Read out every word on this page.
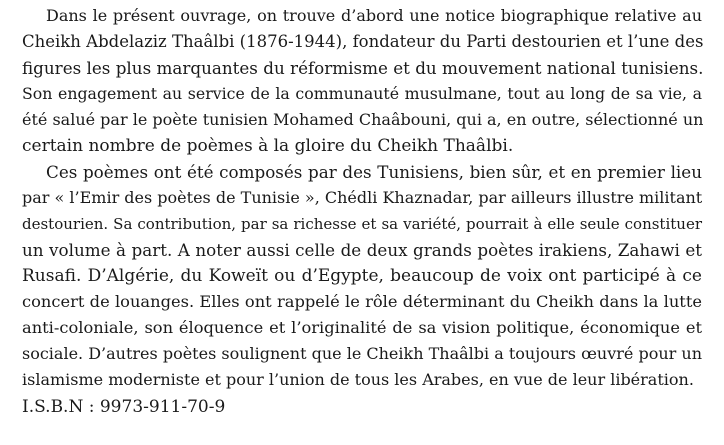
Dans le présent ouvrage, on trouve d’abord une notice biographique relative au
Cheikh Abdelaziz Thaâlbi (1876-1944), fondateur du Parti destourien et l’une des
figures les plus marquantes du réformisme et du mouvement national tunisiens.
Son engagement au service de la communauté musulmane, tout au long de sa vie, a
été salué par le poète tunisien Mohamed Chaâbouni, qui a, en outre, sélectionné un
certain nombre de poèmes à la gloire du Cheikh Thaâlbi.
Ces poèmes ont été composés par des Tunisiens, bien sûr, et en premier lieu
par « l’Emir des poètes de Tunisie », Chédli Khaznadar, par ailleurs illustre militant
destourien. Sa contribution, par sa richesse et sa variété, pourrait à elle seule constituer
un volume à part. A noter aussi celle de deux grands poètes irakiens, Zahawi et
Rusafi. D’Algérie, du Koweït ou d’Egypte, beaucoup de voix ont participé à ce
concert de louanges. Elles ont rappelé le rôle déterminant du Cheikh dans la lutte
anti-coloniale, son éloquence et l’originalité de sa vision politique, économique et
sociale. D’autres poètes soulignent que le Cheikh Thaâlbi a toujours œuvré pour un
islamisme moderniste et pour l’union de tous les Arabes, en vue de leur libération.
I.S.B.N : 9973-911-70-9
